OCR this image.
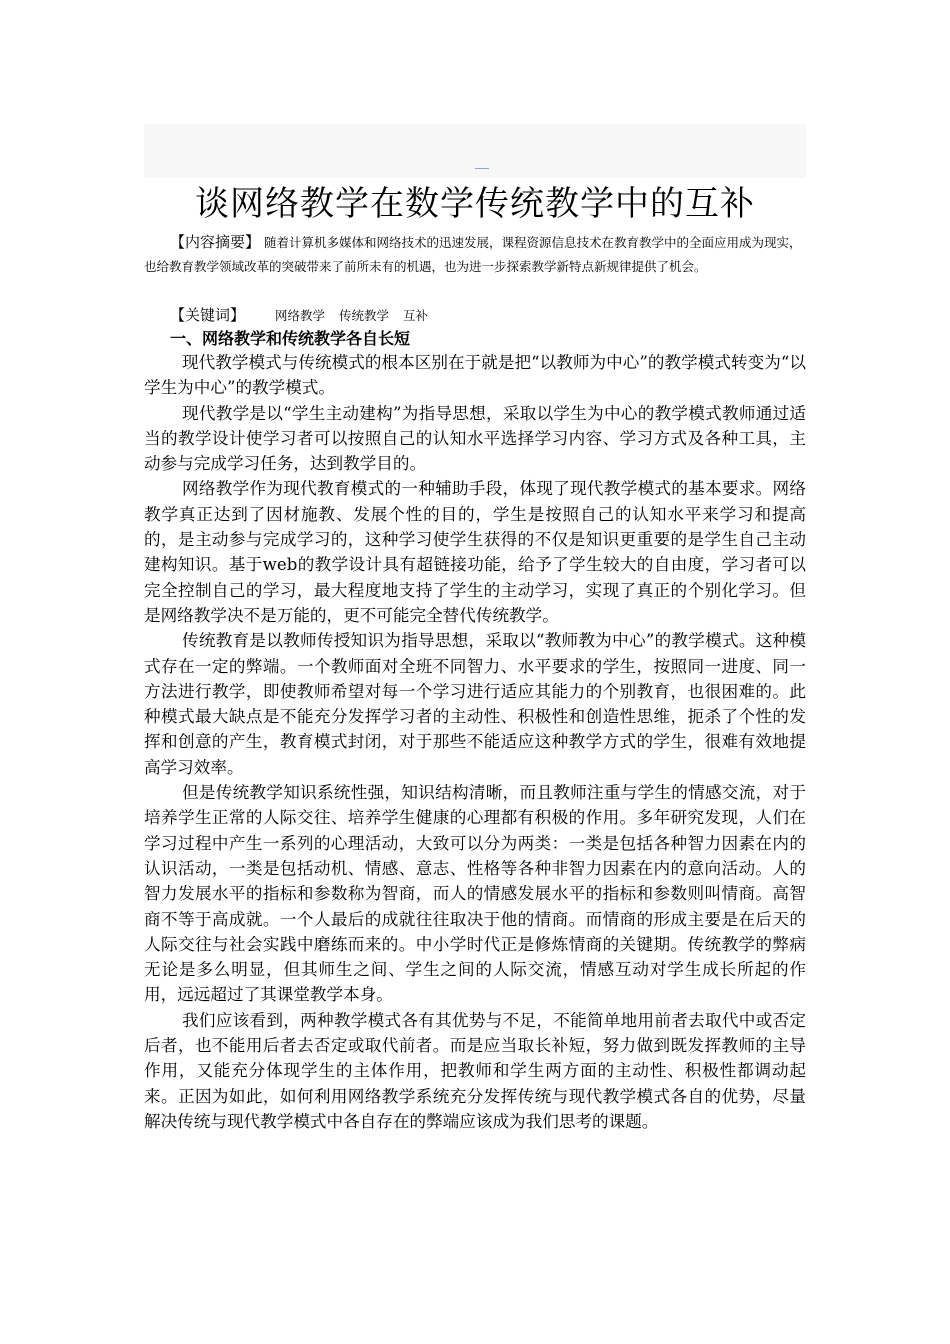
谈网络教学在数学传统教学中的互补

【内容摘要】 随着计算机多媒体和网络技术的迅速发展，课程资源信息技术在教育教学中的全面应用成为现实，也给教育教学领域改革的突破带来了前所未有的机遇，也为进一步探索教学新特点新规律提供了机会。

【关键词】 网络教学 传统教学 互补

一、网络教学和传统教学各自长短

现代教学模式与传统模式的根本区别在于就是把“以教师为中心”的教学模式转变为“以学生为中心”的教学模式。

现代教学是以“学生主动建构”为指导思想，采取以学生为中心的教学模式教师通过适当的教学设计使学习者可以按照自己的认知水平选择学习内容、学习方式及各种工具，主动参与完成学习任务，达到教学目的。

网络教学作为现代教育模式的一种辅助手段，体现了现代教学模式的基本要求。网络教学真正达到了因材施教、发展个性的目的，学生是按照自己的认知水平来学习和提高的，是主动参与完成学习的，这种学习使学生获得的不仅是知识更重要的是学生自己主动建构知识。基于web的教学设计具有超链接功能，给予了学生较大的自由度，学习者可以完全控制自己的学习，最大程度地支持了学生的主动学习，实现了真正的个别化学习。但是网络教学决不是万能的，更不可能完全替代传统教学。

传统教育是以教师传授知识为指导思想，采取以“教师教为中心”的教学模式。这种模式存在一定的弊端。一个教师面对全班不同智力、水平要求的学生，按照同一进度、同一方法进行教学，即使教师希望对每一个学习进行适应其能力的个别教育，也很困难的。此种模式最大缺点是不能充分发挥学习者的主动性、积极性和创造性思维，扼杀了个性的发挥和创意的产生，教育模式封闭，对于那些不能适应这种教学方式的学生，很难有效地提高学习效率。

但是传统教学知识系统性强，知识结构清晰，而且教师注重与学生的情感交流，对于培养学生正常的人际交往、培养学生健康的心理都有积极的作用。多年研究发现，人们在学习过程中产生一系列的心理活动，大致可以分为两类：一类是包括各种智力因素在内的认识活动，一类是包括动机、情感、意志、性格等各种非智力因素在内的意向活动。人的智力发展水平的指标和参数称为智商，而人的情感发展水平的指标和参数则叫情商。高智商不等于高成就。一个人最后的成就往往取决于他的情商。而情商的形成主要是在后天的人际交往与社会实践中磨练而来的。中小学时代正是修炼情商的关键期。传统教学的弊病无论是多么明显，但其师生之间、学生之间的人际交流，情感互动对学生成长所起的作用，远远超过了其课堂教学本身。

我们应该看到，两种教学模式各有其优势与不足，不能简单地用前者去取代中或否定后者，也不能用后者去否定或取代前者。而是应当取长补短，努力做到既发挥教师的主导作用，又能充分体现学生的主体作用，把教师和学生两方面的主动性、积极性都调动起来。正因为如此，如何利用网络教学系统充分发挥传统与现代教学模式各自的优势，尽量解决传统与现代教学模式中各自存在的弊端应该成为我们思考的课题。
